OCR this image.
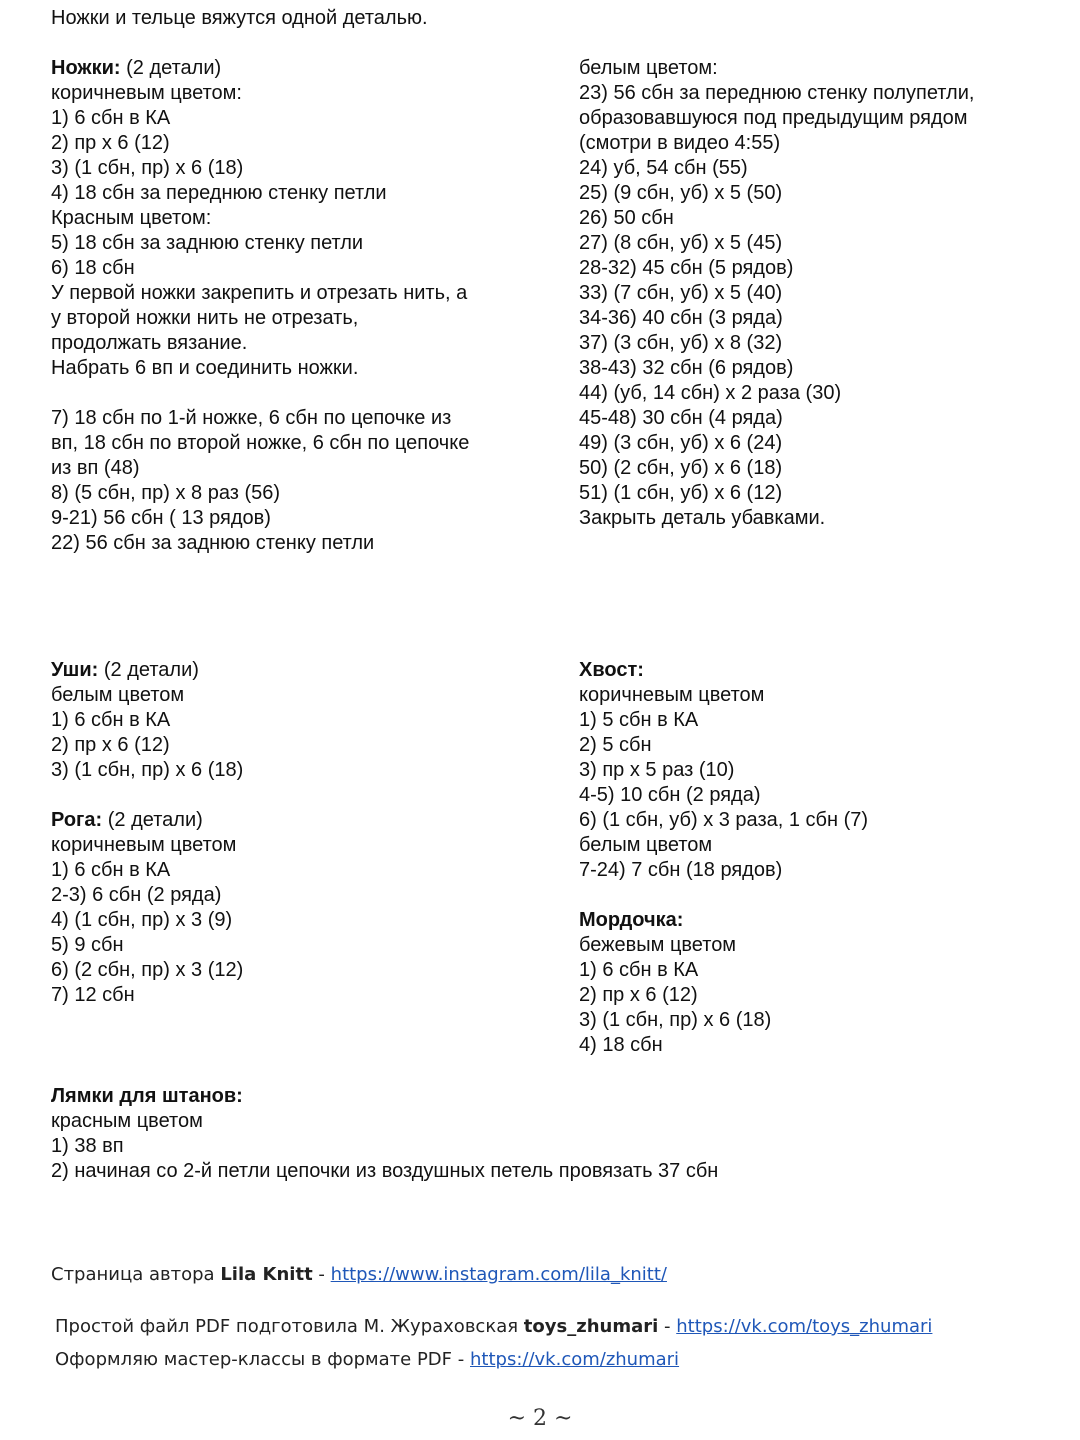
Ножки и тельце вяжутся одной деталью.
Ножки: (2 детали)
коричневым цветом:
1) 6 сбн в КА
2) пр х 6 (12)
3) (1 сбн, пр) х 6 (18)
4) 18 сбн за переднюю стенку петли
Красным цветом:
5) 18 сбн за заднюю стенку петли
6) 18 сбн
У первой ножки закрепить и отрезать нить, а
у второй ножки нить не отрезать,
продолжать вязание.
Набрать 6 вп и соединить ножки.
7) 18 сбн по 1-й ножке, 6 сбн по цепочке из
вп, 18 сбн по второй ножке, 6 сбн по цепочке
из вп (48)
8) (5 сбн, пр) х 8 раз (56)
9-21) 56 сбн ( 13 рядов)
22) 56 сбн за заднюю стенку петли
белым цветом:
23) 56 сбн за переднюю стенку полупетли,
образовавшуюся под предыдущим рядом
(смотри в видео 4:55)
24) уб, 54 сбн (55)
25) (9 сбн, уб) х 5 (50)
26) 50 сбн
27) (8 сбн, уб) х 5 (45)
28-32) 45 сбн (5 рядов)
33) (7 сбн, уб) х 5 (40)
34-36) 40 сбн (3 ряда)
37) (3 сбн, уб) х 8 (32)
38-43) 32 сбн (6 рядов)
44) (уб, 14 сбн) х 2 раза (30)
45-48) 30 сбн (4 ряда)
49) (3 сбн, уб) х 6 (24)
50) (2 сбн, уб) х 6 (18)
51) (1 сбн, уб) х 6 (12)
Закрыть деталь убавками.
Уши: (2 детали)
белым цветом
1) 6 сбн в КА
2) пр х 6 (12)
3) (1 сбн, пр) х 6 (18)
Рога: (2 детали)
коричневым цветом
1) 6 сбн в КА
2-3) 6 сбн (2 ряда)
4) (1 сбн, пр) х 3 (9)
5) 9 сбн
6) (2 сбн, пр) х 3 (12)
7) 12 сбн
Хвост:
коричневым цветом
1) 5 сбн в КА
2) 5 сбн
3) пр х 5 раз (10)
4-5) 10 сбн (2 ряда)
6) (1 сбн, уб) х 3 раза, 1 сбн (7)
белым цветом
7-24) 7 сбн (18 рядов)
Мордочка:
бежевым цветом
1) 6 сбн в КА
2) пр х 6 (12)
3) (1 сбн, пр) х 6 (18)
4) 18 сбн
Лямки для штанов:
красным цветом
1) 38 вп
2) начиная со 2-й петли цепочки из воздушных петель провязать 37 сбн
Страница автора Lila Knitt - https://www.instagram.com/lila_knitt/
Простой файл PDF подготовила М. Жураховская toys_zhumari - https://vk.com/toys_zhumari
Оформляю мастер-классы в формате PDF - https://vk.com/zhumari
~ 2 ~
